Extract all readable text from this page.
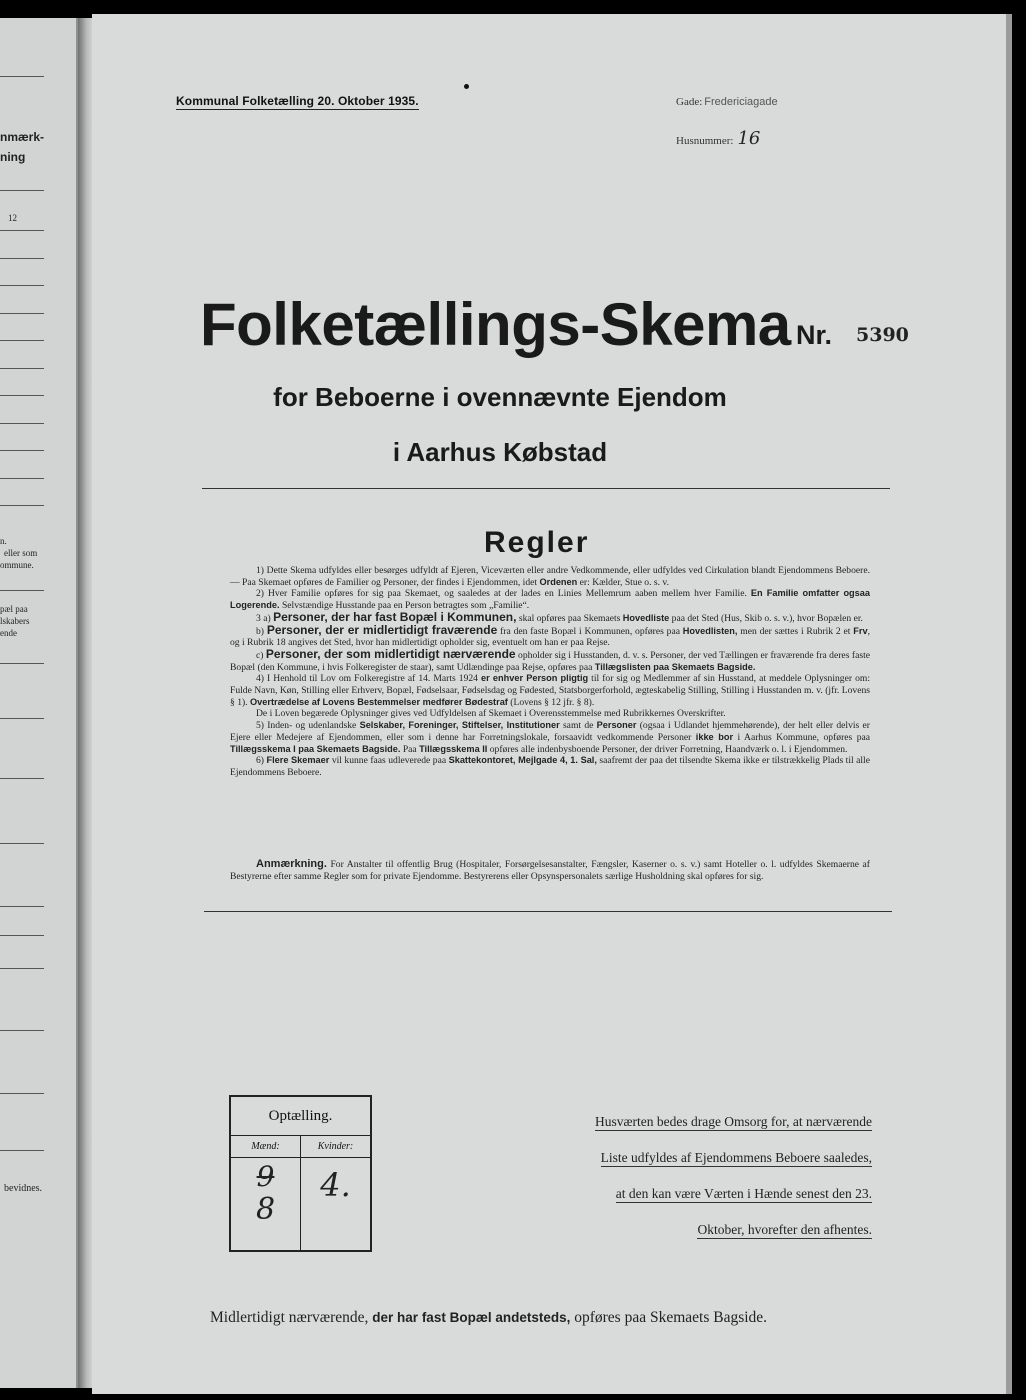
nmærk-
ning
12
n.
eller som
ommune.
pæl paa
lskabers
ende
bevidnes.
Kommunal Folketælling 20. Oktober 1935.	Gade: Fredericiagade
Husnummer: 16
Folketællings-Skema Nr. 5390
for Beboerne i ovennævnte Ejendom
i Aarhus Købstad
Regler

1) Dette Skema udfyldes eller besørges udfyldt af Ejeren, Viceværten eller andre Vedkommende, eller udfyldes ved Cirkulation blandt Ejendommens Beboere. — Paa Skemaet opføres de Familier og Personer, der findes i Ejendommen, idet Ordenen er: Kælder, Stue o. s. v.

2) Hver Familie opføres for sig paa Skemaet, og saaledes at der lades en Linies Mellemrum aaben mellem hver Familie. En Familie omfatter ogsaa Logerende. Selvstændige Husstande paa en Person betragtes som „Familie“.

3 a) Personer, der har fast Bopæl i Kommunen, skal opføres paa Skemaets Hovedliste paa det Sted (Hus, Skib o. s. v.), hvor Bopælen er.

b) Personer, der er midlertidigt fraværende fra den faste Bopæl i Kommunen, opføres paa Hovedlisten, men der sættes i Rubrik 2 et Frv, og i Rubrik 18 angives det Sted, hvor han midlertidigt opholder sig, eventuelt om han er paa Rejse.

c) Personer, der som midlertidigt nærværende opholder sig i Husstanden, d. v. s. Personer, der ved Tællingen er fraværende fra deres faste Bopæl (den Kommune, i hvis Folkeregister de staar), samt Udlændinge paa Rejse, opføres paa Tillægslisten paa Skemaets Bagside.

4) I Henhold til Lov om Folkeregistre af 14. Marts 1924 er enhver Person pligtig til for sig og Medlemmer af sin Husstand, at meddele Oplysninger om: Fulde Navn, Køn, Stilling eller Erhverv, Bopæl, Fødselsaar, Fødselsdag og Fødested, Statsborgerforhold, ægteskabelig Stilling, Stilling i Husstanden m. v. (jfr. Lovens § 1). Overtrædelse af Lovens Bestemmelser medfører Bødestraf (Lovens § 12 jfr. § 8).

De i Loven begærede Oplysninger gives ved Udfyldelsen af Skemaet i Overensstemmelse med Rubrikkernes Overskrifter.

5) Inden- og udenlandske Selskaber, Foreninger, Stiftelser, Institutioner samt de Personer (ogsaa i Udlandet hjemmehørende), der helt eller delvis er Ejere eller Medejere af Ejendommen, eller som i denne har Forretningslokale, forsaavidt vedkommende Personer ikke bor i Aarhus Kommune, opføres paa Tillægsskema I paa Skemaets Bagside. Paa Tillægsskema II opføres alle indenbysboende Personer, der driver Forretning, Haandværk o. l. i Ejendommen.

6) Flere Skemaer vil kunne faas udleverede paa Skattekontoret, Mejlgade 4, 1. Sal, saafremt der paa det tilsendte Skema ikke er tilstrækkelig Plads til alle Ejendommens Beboere.

Anmærkning. For Anstalter til offentlig Brug (Hospitaler, Forsørgelsesanstalter, Fængsler, Kaserner o. s. v.) samt Hoteller o. l. udfyldes Skemaerne af Bestyrerne efter samme Regler som for private Ejendomme. Bestyrerens eller Opsynspersonalets særlige Husholdning skal opføres for sig.

Optælling.
Mænd:
9
8
Kvinder:
4.
Husværten bedes drage Omsorg for, at nærværende
Liste udfyldes af Ejendommens Beboere saaledes,
at den kan være Værten i Hænde senest den 23.
Oktober, hvorefter den afhentes.
Midlertidigt nærværende, der har fast Bopæl andetsteds, opføres paa Skemaets Bagside.
